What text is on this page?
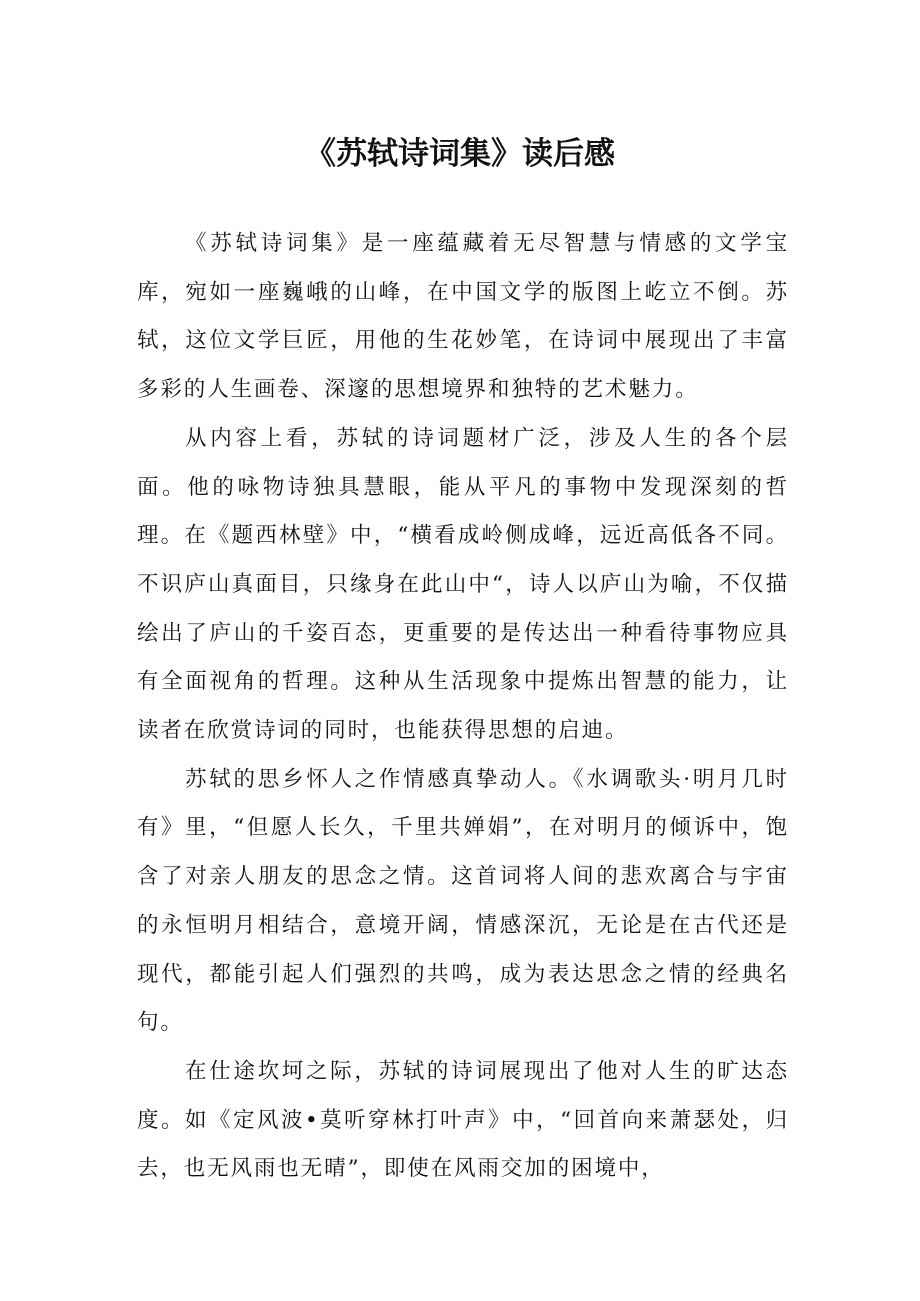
《苏轼诗词集》读后感

《苏轼诗词集》是一座蕴藏着无尽智慧与情感的文学宝库，宛如一座巍峨的山峰，在中国文学的版图上屹立不倒。苏轼，这位文学巨匠，用他的生花妙笔，在诗词中展现出了丰富多彩的人生画卷、深邃的思想境界和独特的艺术魅力。

从内容上看，苏轼的诗词题材广泛，涉及人生的各个层面。他的咏物诗独具慧眼，能从平凡的事物中发现深刻的哲理。在《题西林壁》中，“横看成岭侧成峰，远近高低各不同。不识庐山真面目，只缘身在此山中“，诗人以庐山为喻，不仅描绘出了庐山的千姿百态，更重要的是传达出一种看待事物应具有全面视角的哲理。这种从生活现象中提炼出智慧的能力，让读者在欣赏诗词的同时，也能获得思想的启迪。

苏轼的思乡怀人之作情感真挚动人。《水调歌头·明月几时有》里，“但愿人长久，千里共婵娟”，在对明月的倾诉中，饱含了对亲人朋友的思念之情。这首词将人间的悲欢离合与宇宙的永恒明月相结合，意境开阔，情感深沉，无论是在古代还是现代，都能引起人们强烈的共鸣，成为表达思念之情的经典名句。

在仕途坎坷之际，苏轼的诗词展现出了他对人生的旷达态度。如《定风波•莫听穿林打叶声》中，“回首向来萧瑟处，归去，也无风雨也无晴”，即使在风雨交加的困境中，
